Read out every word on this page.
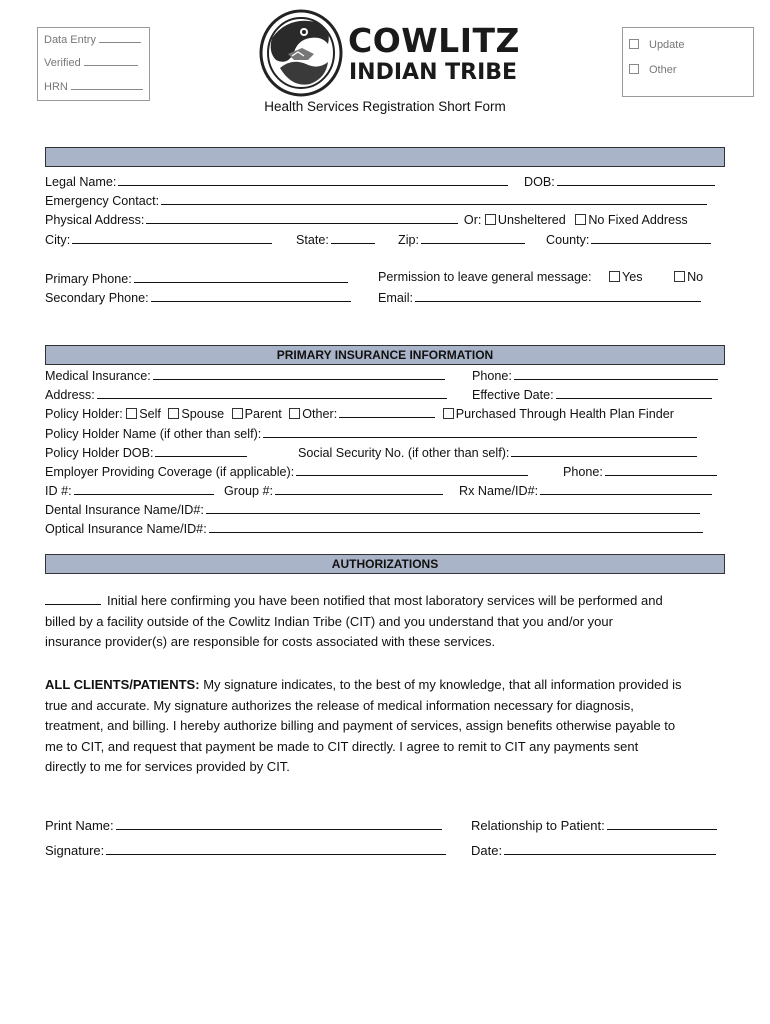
Data Entry
Verified
HRN
COWLITZ
INDIAN TRIBE
Update
Other
Health Services Registration Short Form
Legal Name:	DOB:
Emergency Contact:
Physical Address:	Or: Unsheltered No Fixed Address
City:	State:	Zip:	County:
Primary Phone:	Permission to leave general message: Yes	No
Secondary Phone:	Email:
PRIMARY INSURANCE INFORMATION
Medical Insurance:	Phone:
Address:	Effective Date:
Policy Holder: Self Spouse Parent Other:	Purchased Through Health Plan Finder
Policy Holder Name (if other than self):
Policy Holder DOB:	Social Security No. (if other than self):
Employer Providing Coverage (if applicable):	Phone:
ID #:	Group #:	Rx Name/ID#:
Dental Insurance Name/ID#:
Optical Insurance Name/ID#:
AUTHORIZATIONS
Initial here confirming you have been notified that most laboratory services will be performed and
billed by a facility outside of the Cowlitz Indian Tribe (CIT) and you understand that you and/or your
insurance provider(s) are responsible for costs associated with these services.
ALL CLIENTS/PATIENTS: My signature indicates, to the best of my knowledge, that all information provided is
true and accurate. My signature authorizes the release of medical information necessary for diagnosis,
treatment, and billing. I hereby authorize billing and payment of services, assign benefits otherwise payable to
me to CIT, and request that payment be made to CIT directly. I agree to remit to CIT any payments sent
directly to me for services provided by CIT.
Print Name:	Relationship to Patient:
Signature:	Date:
